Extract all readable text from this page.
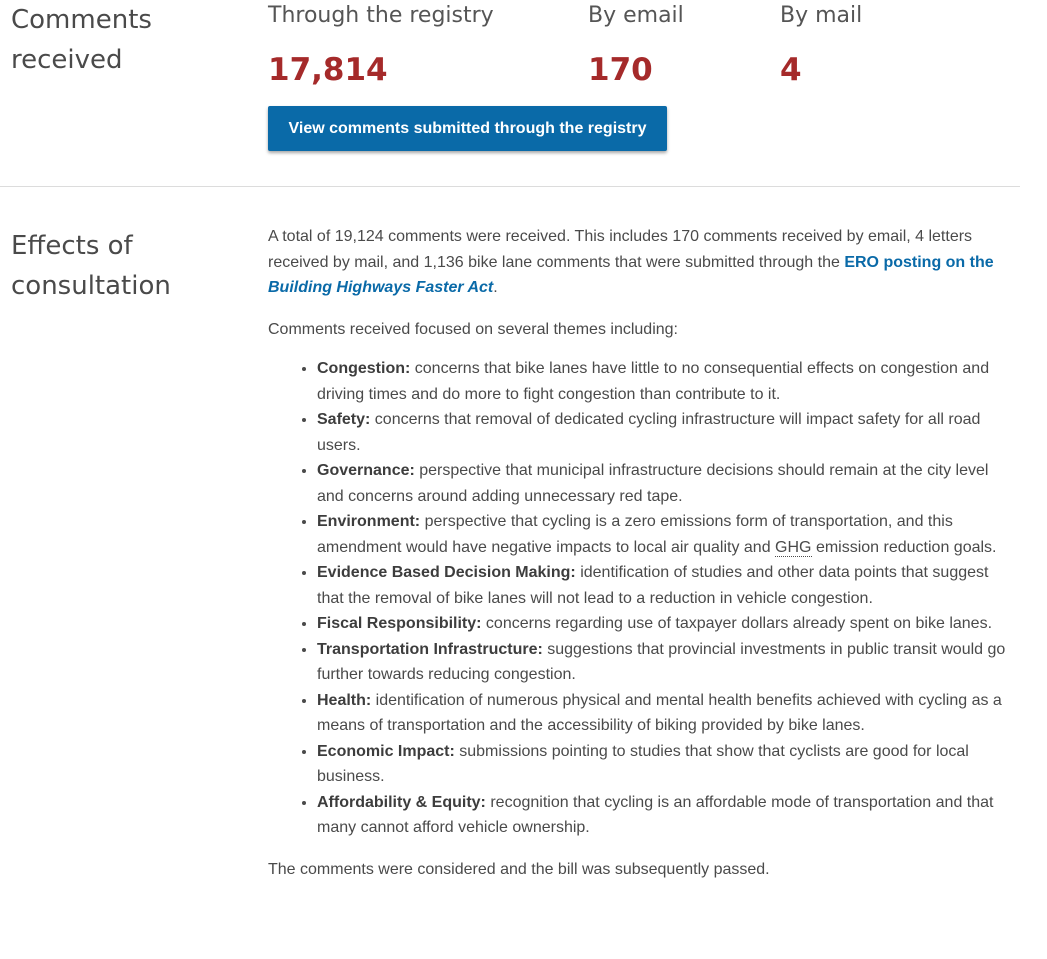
Comments received
Through the registry
17,814
By email
170
By mail
4
View comments submitted through the registry
Effects of consultation

A total of 19,124 comments were received. This includes 170 comments received by email, 4 letters received by mail, and 1,136 bike lane comments that were submitted through the ERO posting on the Building Highways Faster Act.

Comments received focused on several themes including:

• Congestion: concerns that bike lanes have little to no consequential effects on congestion and driving times and do more to fight congestion than contribute to it.
• Safety: concerns that removal of dedicated cycling infrastructure will impact safety for all road users.
• Governance: perspective that municipal infrastructure decisions should remain at the city level and concerns around adding unnecessary red tape.
• Environment: perspective that cycling is a zero emissions form of transportation, and this amendment would have negative impacts to local air quality and GHG emission reduction goals.
• Evidence Based Decision Making: identification of studies and other data points that suggest that the removal of bike lanes will not lead to a reduction in vehicle congestion.
• Fiscal Responsibility: concerns regarding use of taxpayer dollars already spent on bike lanes.
• Transportation Infrastructure: suggestions that provincial investments in public transit would go further towards reducing congestion.
• Health: identification of numerous physical and mental health benefits achieved with cycling as a means of transportation and the accessibility of biking provided by bike lanes.
• Economic Impact: submissions pointing to studies that show that cyclists are good for local business.
• Affordability & Equity: recognition that cycling is an affordable mode of transportation and that many cannot afford vehicle ownership.

The comments were considered and the bill was subsequently passed.
